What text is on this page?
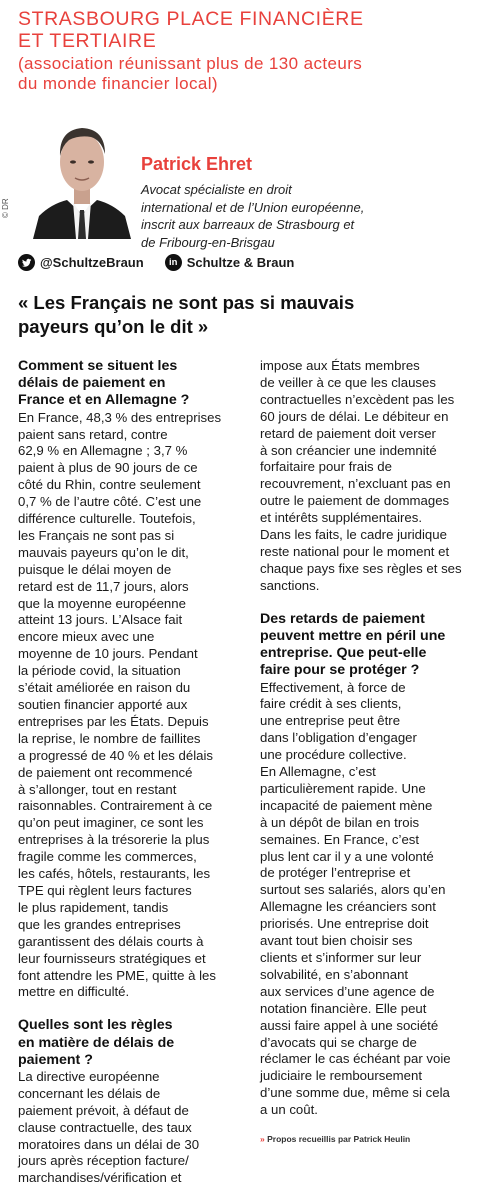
STRASBOURG PLACE FINANCIÈRE
ET TERTIAIRE
(association réunissant plus de 130 acteurs
du monde financier local)
© DR
Patrick Ehret
Avocat spécialiste en droit
international et de l’Union européenne,
inscrit aux barreaux de Strasbourg et
de Fribourg-en-Brisgau
@SchultzeBraun	in Schultze & Braun
« Les Français ne sont pas si mauvais
payeurs qu’on le dit »
Comment se situent les
délais de paiement en
France et en Allemagne ?
En France, 48,3 % des entreprises
paient sans retard, contre
62,9 % en Allemagne ; 3,7 %
paient à plus de 90 jours de ce
côté du Rhin, contre seulement
0,7 % de l’autre côté. C’est une
différence culturelle. Toutefois,
les Français ne sont pas si
mauvais payeurs qu’on le dit,
puisque le délai moyen de
retard est de 11,7 jours, alors
que la moyenne européenne
atteint 13 jours. L’Alsace fait
encore mieux avec une
moyenne de 10 jours. Pendant
la période covid, la situation
s’était améliorée en raison du
soutien financier apporté aux
entreprises par les États. Depuis
la reprise, le nombre de faillites
a progressé de 40 % et les délais
de paiement ont recommencé
à s’allonger, tout en restant
raisonnables. Contrairement à ce
qu’on peut imaginer, ce sont les
entreprises à la trésorerie la plus
fragile comme les commerces,
les cafés, hôtels, restaurants, les
TPE qui règlent leurs factures
le plus rapidement, tandis
que les grandes entreprises
garantissent des délais courts à
leur fournisseurs stratégiques et
font attendre les PME, quitte à les
mettre en difficulté.
Quelles sont les règles
en matière de délais de
paiement ?
La directive européenne
concernant les délais de
paiement prévoit, à défaut de
clause contractuelle, des taux
moratoires dans un délai de 30
jours après réception facture/
marchandises/vérification et
impose aux États membres
de veiller à ce que les clauses
contractuelles n’excèdent pas les
60 jours de délai. Le débiteur en
retard de paiement doit verser
à son créancier une indemnité
forfaitaire pour frais de
recouvrement, n’excluant pas en
outre le paiement de dommages
et intérêts supplémentaires.
Dans les faits, le cadre juridique
reste national pour le moment et
chaque pays fixe ses règles et ses
sanctions.
Des retards de paiement
peuvent mettre en péril une
entreprise. Que peut-elle
faire pour se protéger ?
Effectivement, à force de
faire crédit à ses clients,
une entreprise peut être
dans l’obligation d’engager
une procédure collective.
En Allemagne, c’est
particulièrement rapide. Une
incapacité de paiement mène
à un dépôt de bilan en trois
semaines. En France, c’est
plus lent car il y a une volonté
de protéger l’entreprise et
surtout ses salariés, alors qu’en
Allemagne les créanciers sont
priorisés. Une entreprise doit
avant tout bien choisir ses
clients et s’informer sur leur
solvabilité, en s’abonnant
aux services d’une agence de
notation financière. Elle peut
aussi faire appel à une société
d’avocats qui se charge de
réclamer le cas échéant par voie
judiciaire le remboursement
d’une somme due, même si cela
a un coût.
» Propos recueillis par Patrick Heulin
